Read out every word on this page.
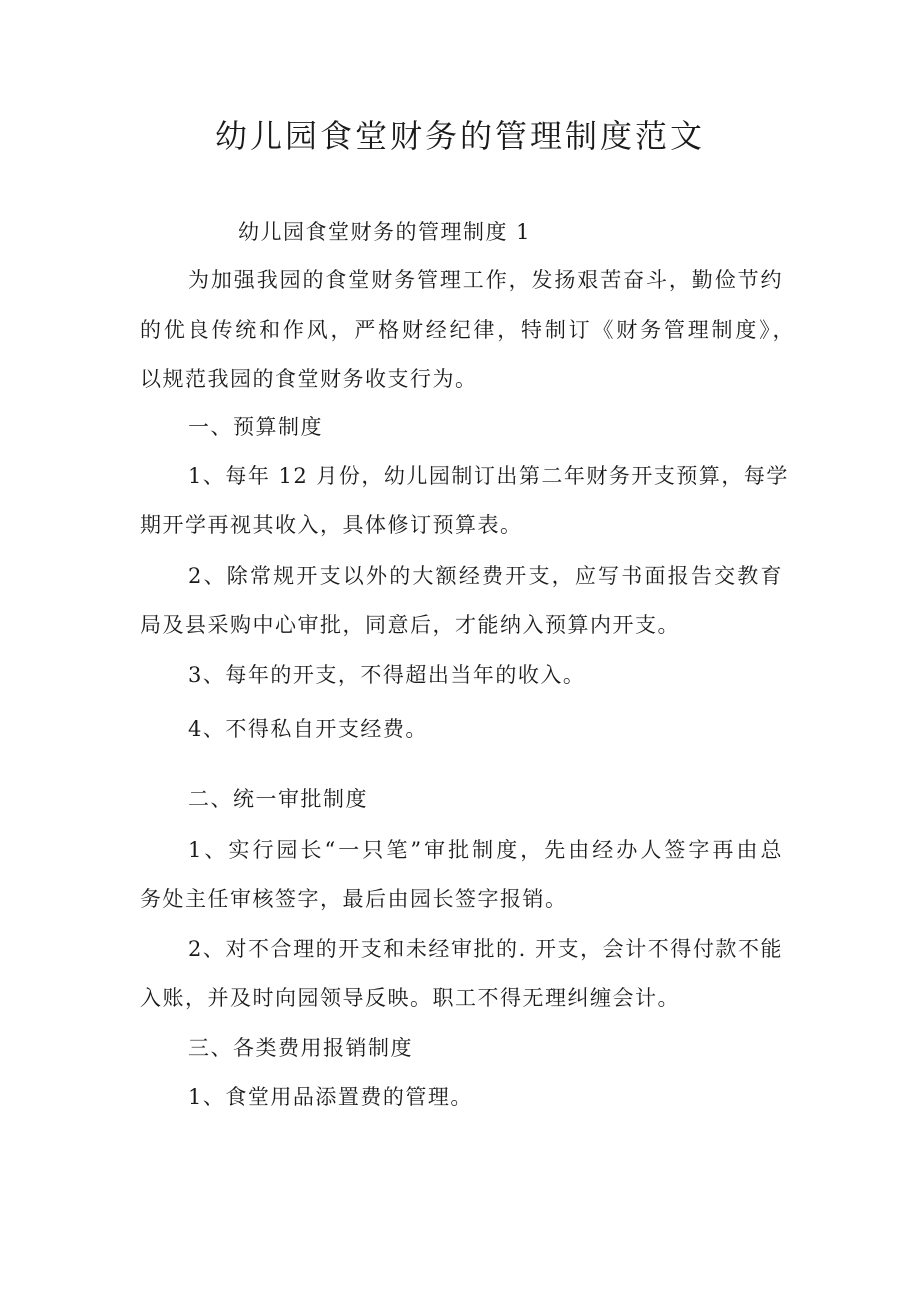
幼儿园食堂财务的管理制度范文

幼儿园食堂财务的管理制度 1

为加强我园的食堂财务管理工作，发扬艰苦奋斗，勤俭节约

的优良传统和作风，严格财经纪律，特制订《财务管理制度》，

以规范我园的食堂财务收支行为。

一、预算制度

1、每年 12 月份，幼儿园制订出第二年财务开支预算，每学

期开学再视其收入，具体修订预算表。

2、除常规开支以外的大额经费开支，应写书面报告交教育

局及县采购中心审批，同意后，才能纳入预算内开支。

3、每年的开支，不得超出当年的收入。

4、不得私自开支经费。

二、统一审批制度

1、实行园长“一只笔”审批制度，先由经办人签字再由总

务处主任审核签字，最后由园长签字报销。

2、对不合理的开支和未经审批的. 开支，会计不得付款不能

入账，并及时向园领导反映。职工不得无理纠缠会计。

三、各类费用报销制度

1、食堂用品添置费的管理。
